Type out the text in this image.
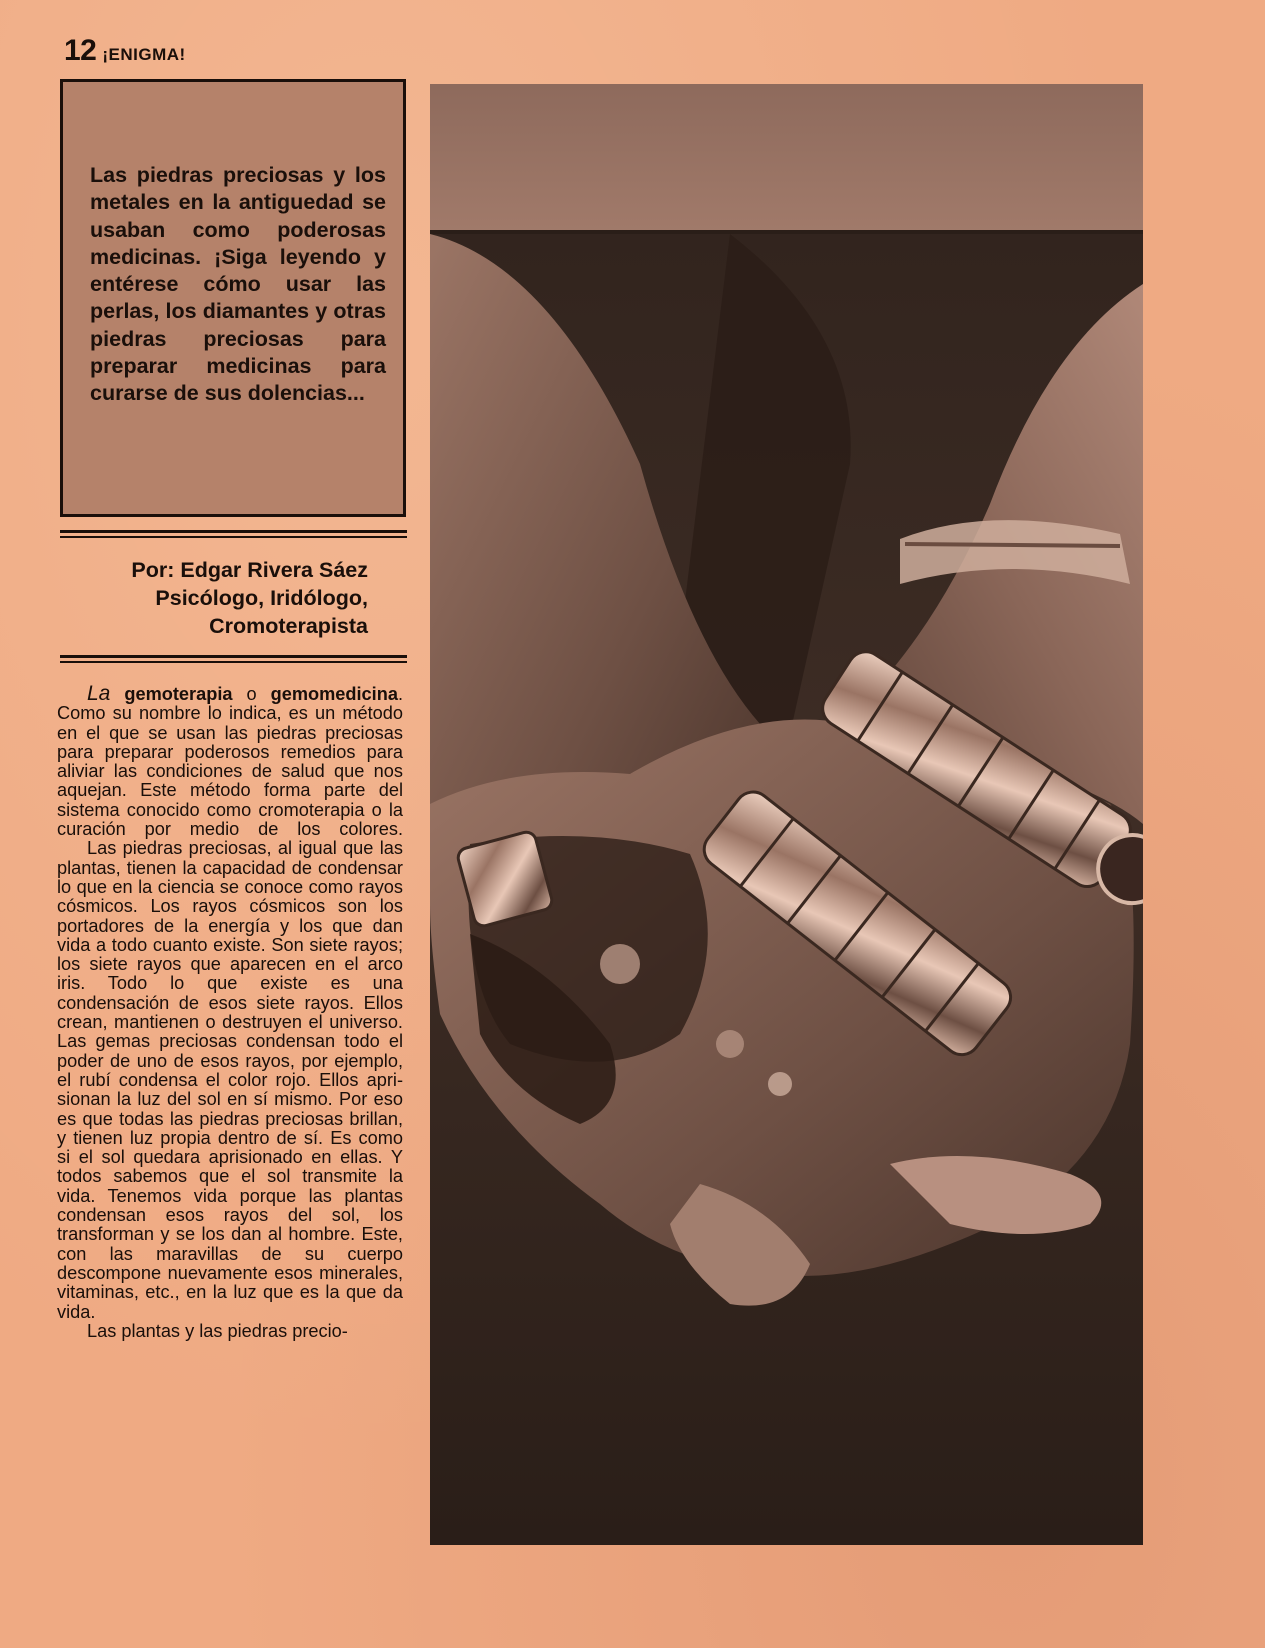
12 ¡ENIGMA!
Las piedras preciosas y los metales en la antiguedad se usaban como poderosas medicinas. ¡Siga leyendo y entérese cómo usar las perlas, los diamantes y otras piedras preciosas para preparar medicinas para curarse de sus dolencias...
Por: Edgar Rivera Sáez
Psicólogo, Iridólogo,
Cromoterapista

La gemoterapia o gemomedicina. Como su nombre lo indica, es un método en el que se usan las piedras preciosas para preparar poderosos remedios para aliviar las condiciones de salud que nos aquejan. Este método forma parte del sistema conocido como cromoterapia o la curación por medio de los colores.

Las piedras preciosas, al igual que las plantas, tienen la capacidad de condensar lo que en la ciencia se conoce como rayos cósmicos. Los rayos cósmicos son los portadores de la energía y los que dan vida a todo cuanto existe. Son siete rayos; los siete rayos que aparecen en el arco iris. Todo lo que existe es una condensación de esos siete rayos. Ellos crean, mantienen o destruyen el universo. Las gemas preciosas condensan todo el poder de uno de esos rayos, por ejemplo, el rubí condensa el color rojo. Ellos aprisionan la luz del sol en sí mismo. Por eso es que todas las piedras preciosas brillan, y tienen luz propia dentro de sí. Es como si el sol quedara aprisionado en ellas. Y todos sabemos que el sol transmite la vida. Tenemos vida porque las plantas condensan esos rayos del sol, los transforman y se los dan al hombre. Este, con las maravillas de su cuerpo descompone nuevamente esos minerales, vitaminas, etc., en la luz que es la que da vida.

Las plantas y las piedras precio-
